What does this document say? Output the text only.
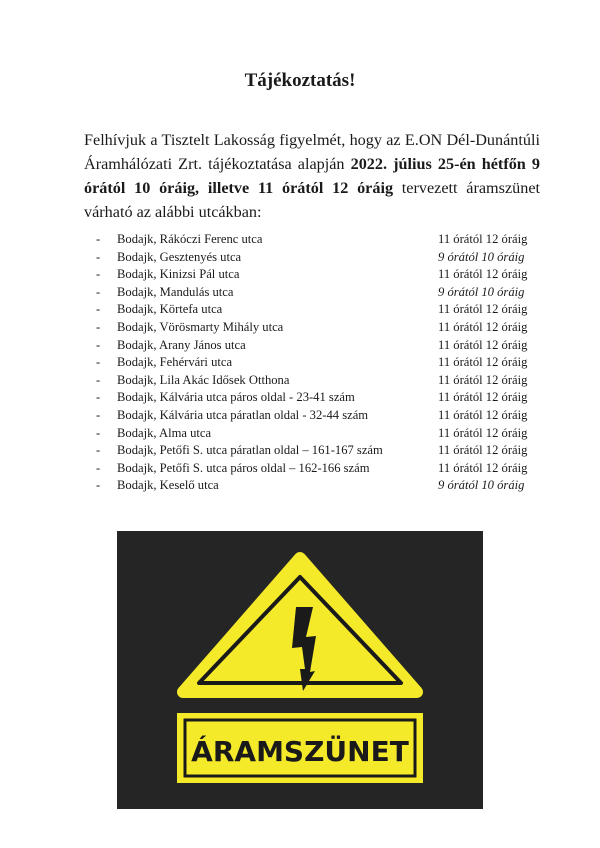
Tájékoztatás!
Felhívjuk a Tisztelt Lakosság figyelmét, hogy az E.ON Dél-Dunántúli Áramhálózati Zrt. tájékoztatása alapján 2022. július 25-én hétfőn 9 órától 10 óráig, illetve 11 órától 12 óráig tervezett áramszünet várható az alábbi utcákban:
- Bodajk, Rákóczi Ferenc utca	11 órától 12 óráig
- Bodajk, Gesztenyés utca	9 órától 10 óráig
- Bodajk, Kinizsi Pál utca	11 órától 12 óráig
- Bodajk, Mandulás utca	9 órától 10 óráig
- Bodajk, Körtefa utca	11 órától 12 óráig
- Bodajk, Vörösmarty Mihály utca	11 órától 12 óráig
- Bodajk, Arany János utca	11 órától 12 óráig
- Bodajk, Fehérvári utca	11 órától 12 óráig
- Bodajk, Lila Akác Idősek Otthona	11 órától 12 óráig
- Bodajk, Kálvária utca páros oldal - 23-41 szám	11 órától 12 óráig
- Bodajk, Kálvária utca páratlan oldal - 32-44 szám	11 órától 12 óráig
- Bodajk, Alma utca	11 órától 12 óráig
- Bodajk, Petőfi S. utca páratlan oldal – 161-167 szám	11 órától 12 óráig
- Bodajk, Petőfi S. utca páros oldal – 162-166 szám	11 órától 12 óráig
- Bodajk, Keselő utca	9 órától 10 óráig
ÁRAMSZÜNET
